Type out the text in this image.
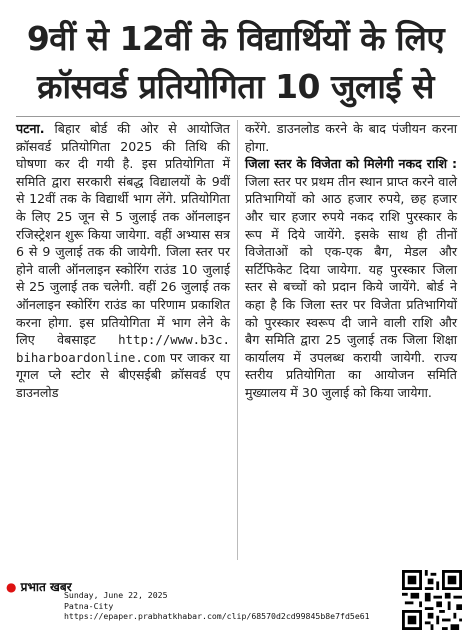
9वीं से 12वीं के विद्यार्थियों के लिए
क्रॉसवर्ड प्रतियोगिता 10 जुलाई से

पटना. बिहार बोर्ड की ओर से आयोजित क्रॉसवर्ड प्रतियोगिता 2025 की तिथि की घोषणा कर दी गयी है. इस प्रतियोगिता में समिति द्वारा सरकारी संबद्ध विद्यालयों के 9वीं से 12वीं तक के विद्यार्थी भाग लेंगे. प्रतियोगिता के लिए 25 जून से 5 जुलाई तक ऑनलाइन रजिस्ट्रेशन शुरू किया जायेगा. वहीं अभ्यास सत्र 6 से 9 जुलाई तक की जायेगी. जिला स्तर पर होने वाली ऑनलाइन स्कोरिंग राउंड 10 जुलाई से 25 जुलाई तक चलेगी. वहीं 26 जुलाई तक ऑनलाइन स्कोरिंग राउंड का परिणाम प्रकाशित करना होगा. इस प्रतियोगिता में भाग लेने के लिए वेबसाइट http://www.b3c. biharboardonline.com पर जाकर या गूगल प्ले स्टोर से बीएसईबी क्रॉसवर्ड एप डाउनलोड

करेंगे. डाउनलोड करने के बाद पंजीयन करना होगा.

जिला स्तर के विजेता को मिलेगी नकद राशि : जिला स्तर पर प्रथम तीन स्थान प्राप्त करने वाले प्रतिभागियों को आठ हजार रुपये, छह हजार और चार हजार रुपये नकद राशि पुरस्कार के रूप में दिये जायेंगे. इसके साथ ही तीनों विजेताओं को एक-एक बैग, मेडल और सर्टिफिकेट दिया जायेगा. यह पुरस्कार जिला स्तर से बच्चों को प्रदान किये जायेंगे. बोर्ड ने कहा है कि जिला स्तर पर विजेता प्रतिभागियों को पुरस्कार स्वरूप दी जाने वाली राशि और बैग समिति द्वारा 25 जुलाई तक जिला शिक्षा कार्यालय में उपलब्ध करायी जायेगी. राज्य स्तरीय प्रतियोगिता का आयोजन समिति मुख्यालय में 30 जुलाई को किया जायेगा.

● प्रभात खबर
Sunday, June 22, 2025
Patna-City
https://epaper.prabhatkhabar.com/clip/68570d2cd99845b8e7fd5e61
